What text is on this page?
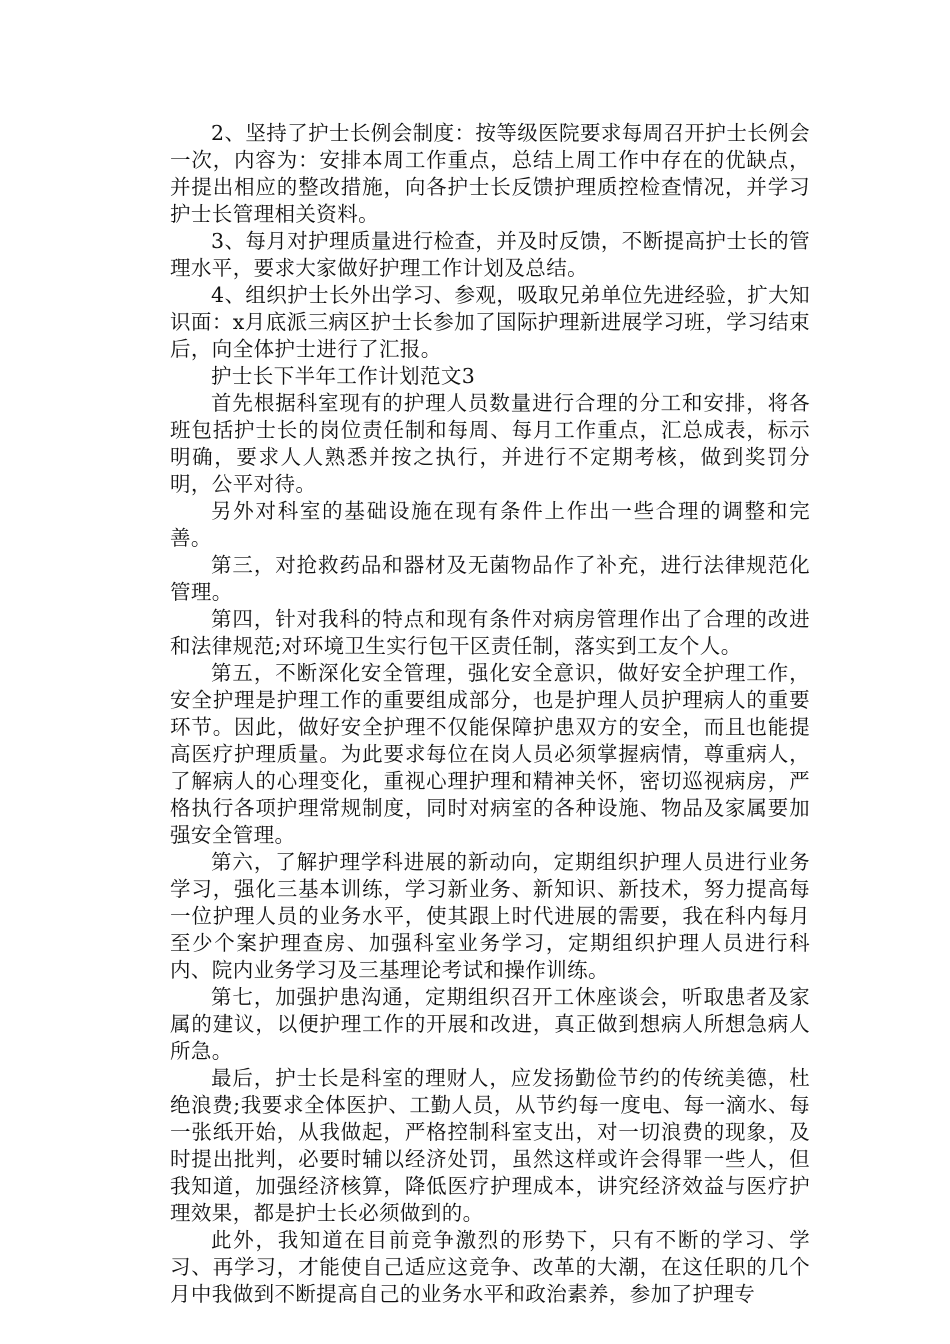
2、坚持了护士长例会制度：按等级医院要求每周召开护士长例会一次，内容为：安排本周工作重点，总结上周工作中存在的优缺点，并提出相应的整改措施，向各护士长反馈护理质控检查情况，并学习护士长管理相关资料。

3、每月对护理质量进行检查，并及时反馈，不断提高护士长的管理水平，要求大家做好护理工作计划及总结。

4、组织护士长外出学习、参观，吸取兄弟单位先进经验，扩大知识面：x月底派三病区护士长参加了国际护理新进展学习班，学习结束后，向全体护士进行了汇报。

护士长下半年工作计划范文3

首先根据科室现有的护理人员数量进行合理的分工和安排，将各班包括护士长的岗位责任制和每周、每月工作重点，汇总成表，标示明确，要求人人熟悉并按之执行，并进行不定期考核，做到奖罚分明，公平对待。

另外对科室的基础设施在现有条件上作出一些合理的调整和完善。

第三，对抢救药品和器材及无菌物品作了补充，进行法律规范化管理。

第四，针对我科的特点和现有条件对病房管理作出了合理的改进和法律规范;对环境卫生实行包干区责任制，落实到工友个人。

第五，不断深化安全管理，强化安全意识，做好安全护理工作，安全护理是护理工作的重要组成部分，也是护理人员护理病人的重要环节。因此，做好安全护理不仅能保障护患双方的安全，而且也能提高医疗护理质量。为此要求每位在岗人员必须掌握病情，尊重病人，了解病人的心理变化，重视心理护理和精神关怀，密切巡视病房，严格执行各项护理常规制度，同时对病室的各种设施、物品及家属要加强安全管理。

第六，了解护理学科进展的新动向，定期组织护理人员进行业务学习，强化三基本训练，学习新业务、新知识、新技术，努力提高每一位护理人员的业务水平，使其跟上时代进展的需要，我在科内每月至少个案护理查房、加强科室业务学习，定期组织护理人员进行科内、院内业务学习及三基理论考试和操作训练。

第七，加强护患沟通，定期组织召开工休座谈会，听取患者及家属的建议，以便护理工作的开展和改进，真正做到想病人所想急病人所急。

最后，护士长是科室的理财人，应发扬勤俭节约的传统美德，杜绝浪费;我要求全体医护、工勤人员，从节约每一度电、每一滴水、每一张纸开始，从我做起，严格控制科室支出，对一切浪费的现象，及时提出批判，必要时辅以经济处罚，虽然这样或许会得罪一些人，但我知道，加强经济核算，降低医疗护理成本，讲究经济效益与医疗护理效果，都是护士长必须做到的。

此外，我知道在目前竞争激烈的形势下，只有不断的学习、学习、再学习，才能使自己适应这竞争、改革的大潮，在这任职的几个月中我做到不断提高自己的业务水平和政治素养，参加了护理专
